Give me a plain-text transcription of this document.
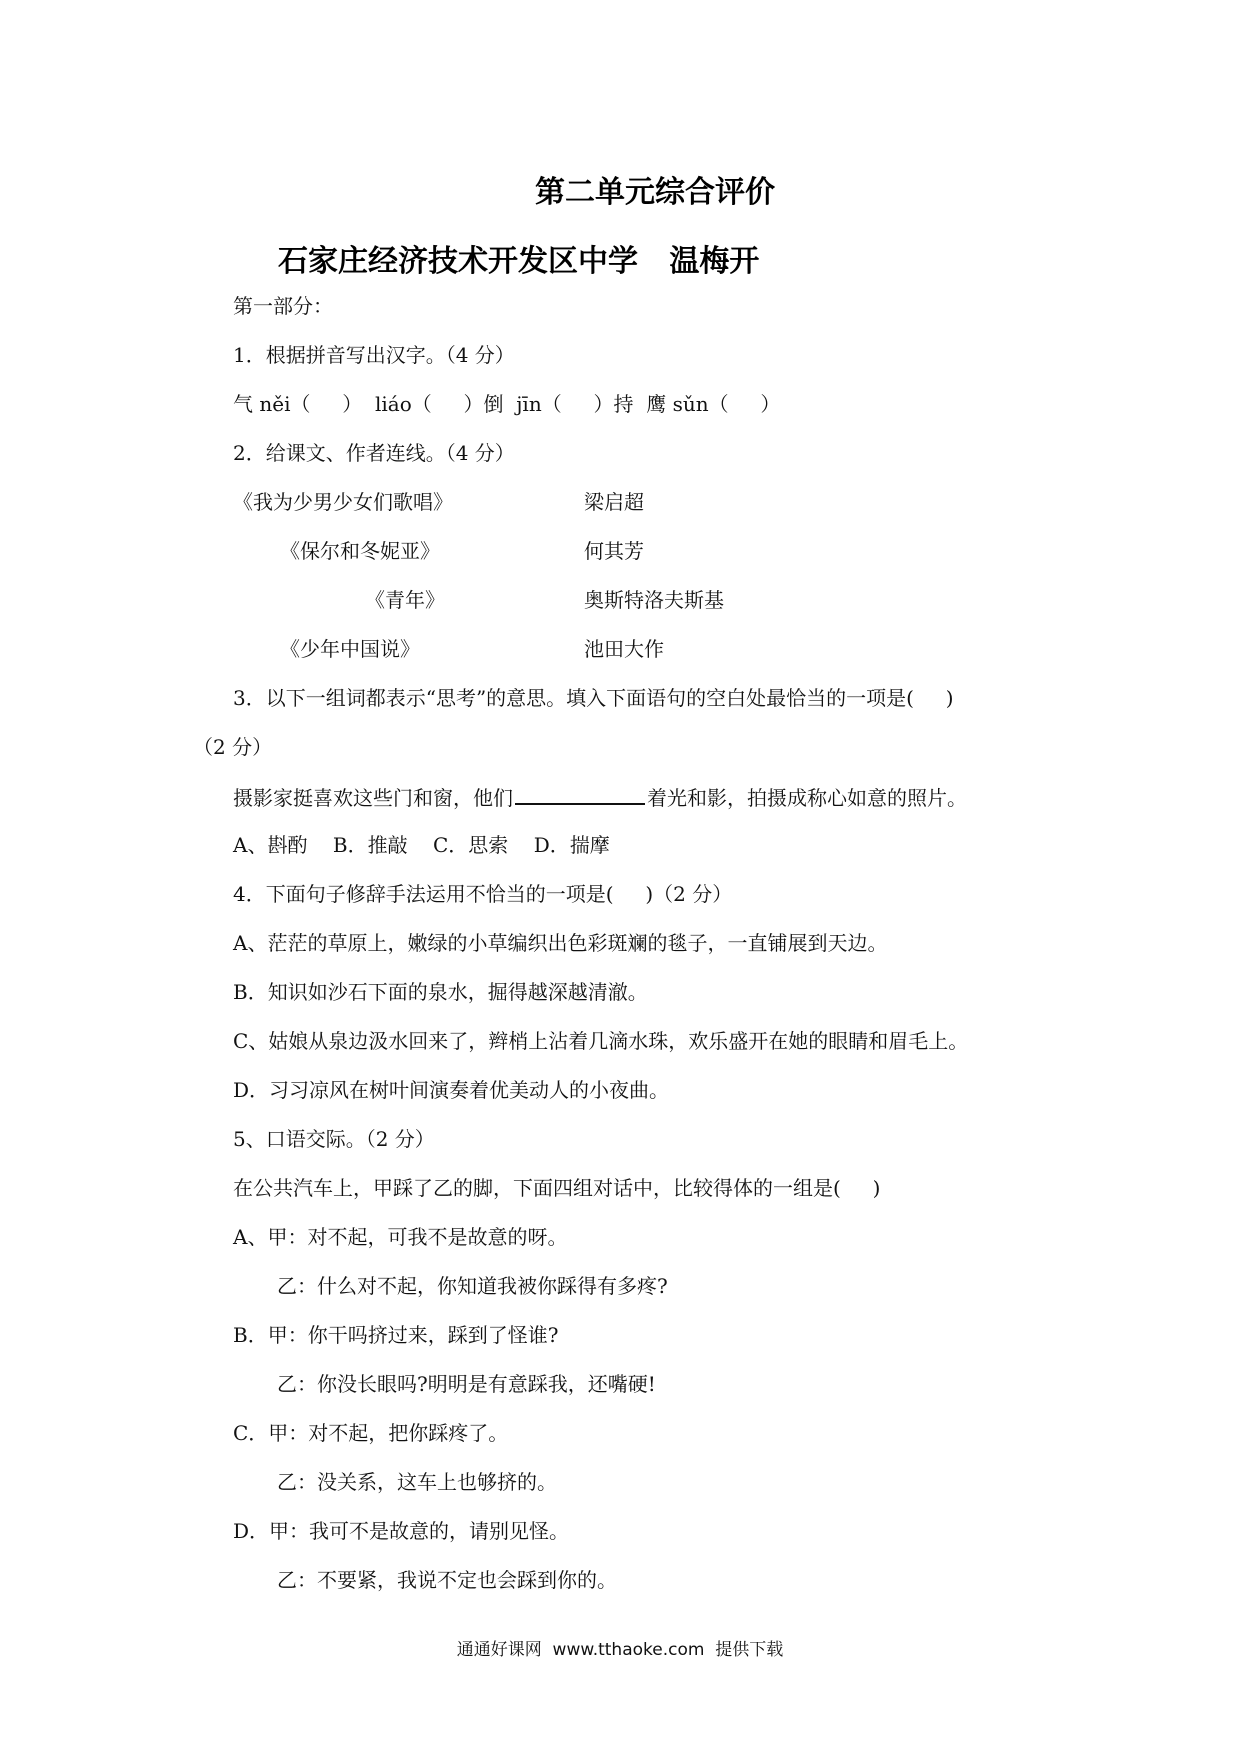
第二单元综合评价
石家庄经济技术开发区中学   温梅开
第一部分：
1．根据拼音写出汉字。（4 分）
气 něi（     ）  liáo（     ）倒  jīn（     ）持  鹰 sǔn（     ）
2．给课文、作者连线。（4 分）
《我为少男少女们歌唱》	梁启超
《保尔和冬妮亚》	何其芳
《青年》	奥斯特洛夫斯基
《少年中国说》	池田大作
3．以下一组词都表示“思考”的意思。填入下面语句的空白处最恰当的一项是(     )
（2 分）
摄影家挺喜欢这些门和窗，他们	着光和影，拍摄成称心如意的照片。
A、斟酌    B．推敲    C．思索    D．揣摩
4．下面句子修辞手法运用不恰当的一项是(     )（2 分）
A、茫茫的草原上，嫩绿的小草编织出色彩斑斓的毯子，一直铺展到天边。
B．知识如沙石下面的泉水，掘得越深越清澈。
C、姑娘从泉边汲水回来了，辫梢上沾着几滴水珠，欢乐盛开在她的眼睛和眉毛上。
D．习习凉风在树叶间演奏着优美动人的小夜曲。
5、口语交际。（2 分）
在公共汽车上，甲踩了乙的脚，下面四组对话中，比较得体的一组是(     )
A、甲：对不起，可我不是故意的呀。
乙：什么对不起，你知道我被你踩得有多疼?
B．甲：你干吗挤过来，踩到了怪谁?
乙：你没长眼吗?明明是有意踩我，还嘴硬!
C．甲：对不起，把你踩疼了。
乙：没关系，这车上也够挤的。
D．甲：我可不是故意的，请别见怪。
乙：不要紧，我说不定也会踩到你的。
通通好课网  www.tthaoke.com  提供下载
